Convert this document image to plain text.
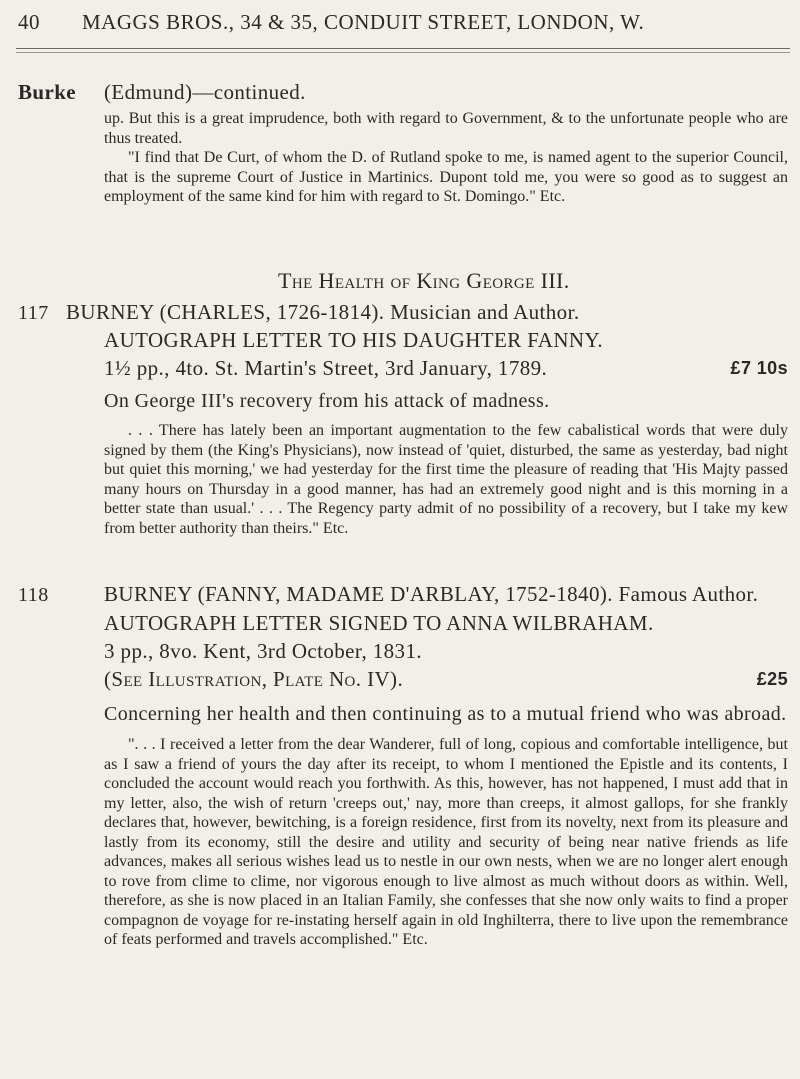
40 MAGGS BROS., 34 & 35, CONDUIT STREET, LONDON, W.
Burke (Edmund)—continued.

up. But this is a great imprudence, both with regard to Government, & to the unfortunate people who are thus treated.

"I find that De Curt, of whom the D. of Rutland spoke to me, is named agent to the superior Council, that is the supreme Court of Justice in Martinics. Dupont told me, you were so good as to suggest an employment of the same kind for him with regard to St. Domingo." Etc.

The Health of King George III.
117 BURNEY (CHARLES, 1726-1814). Musician and Author.
AUTOGRAPH LETTER TO HIS DAUGHTER FANNY.
1½ pp., 4to. St. Martin's Street, 3rd January, 1789.	£7 10s
On George III's recovery from his attack of madness.

. . . There has lately been an important augmentation to the few cabalistical words that were duly signed by them (the King's Physicians), now instead of 'quiet, disturbed, the same as yesterday, bad night but quiet this morning,' we had yesterday for the first time the pleasure of reading that 'His Majty passed many hours on Thursday in a good manner, has had an extremely good night and is this morning in a better state than usual.' . . . The Regency party admit of no possibility of a recovery, but I take my kew from better authority than theirs." Etc.

118	BURNEY (FANNY, MADAME D'ARBLAY, 1752-1840). Famous Author.
AUTOGRAPH LETTER SIGNED TO ANNA WILBRAHAM.
3 pp., 8vo. Kent, 3rd October, 1831.
(See Illustration, Plate No. IV).	£25
Concerning her health and then continuing as to a mutual friend who was abroad.

". . . I received a letter from the dear Wanderer, full of long, copious and comfortable intelligence, but as I saw a friend of yours the day after its receipt, to whom I mentioned the Epistle and its contents, I concluded the account would reach you forthwith. As this, however, has not happened, I must add that in my letter, also, the wish of return 'creeps out,' nay, more than creeps, it almost gallops, for she frankly declares that, however, bewitching, is a foreign residence, first from its novelty, next from its pleasure and lastly from its economy, still the desire and utility and security of being near native friends as life advances, makes all serious wishes lead us to nestle in our own nests, when we are no longer alert enough to rove from clime to clime, nor vigorous enough to live almost as much without doors as within. Well, therefore, as she is now placed in an Italian Family, she confesses that she now only waits to find a proper compagnon de voyage for re-instating herself again in old Inghilterra, there to live upon the remembrance of feats performed and travels accomplished." Etc.
